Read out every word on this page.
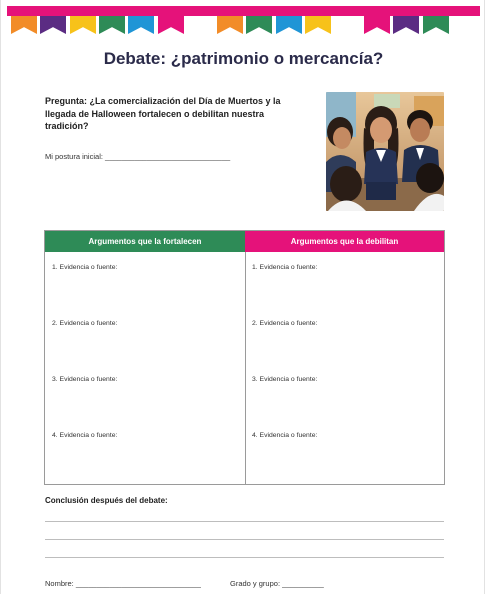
Debate: ¿patrimonio o mercancía?
Pregunta: ¿La comercialización del Día de Muertos y la llegada de Halloween fortalecen o debilitan nuestra tradición?
Mi postura inicial: ______________________________
Argumentos que la fortalecen	Argumentos que la debilitan
1. Evidencia o fuente:
2. Evidencia o fuente:
3. Evidencia o fuente:
4. Evidencia o fuente:
1. Evidencia o fuente:
2. Evidencia o fuente:
3. Evidencia o fuente:
4. Evidencia o fuente:
Conclusión después del debate:
Nombre: ______________________________	Grado y grupo: __________
